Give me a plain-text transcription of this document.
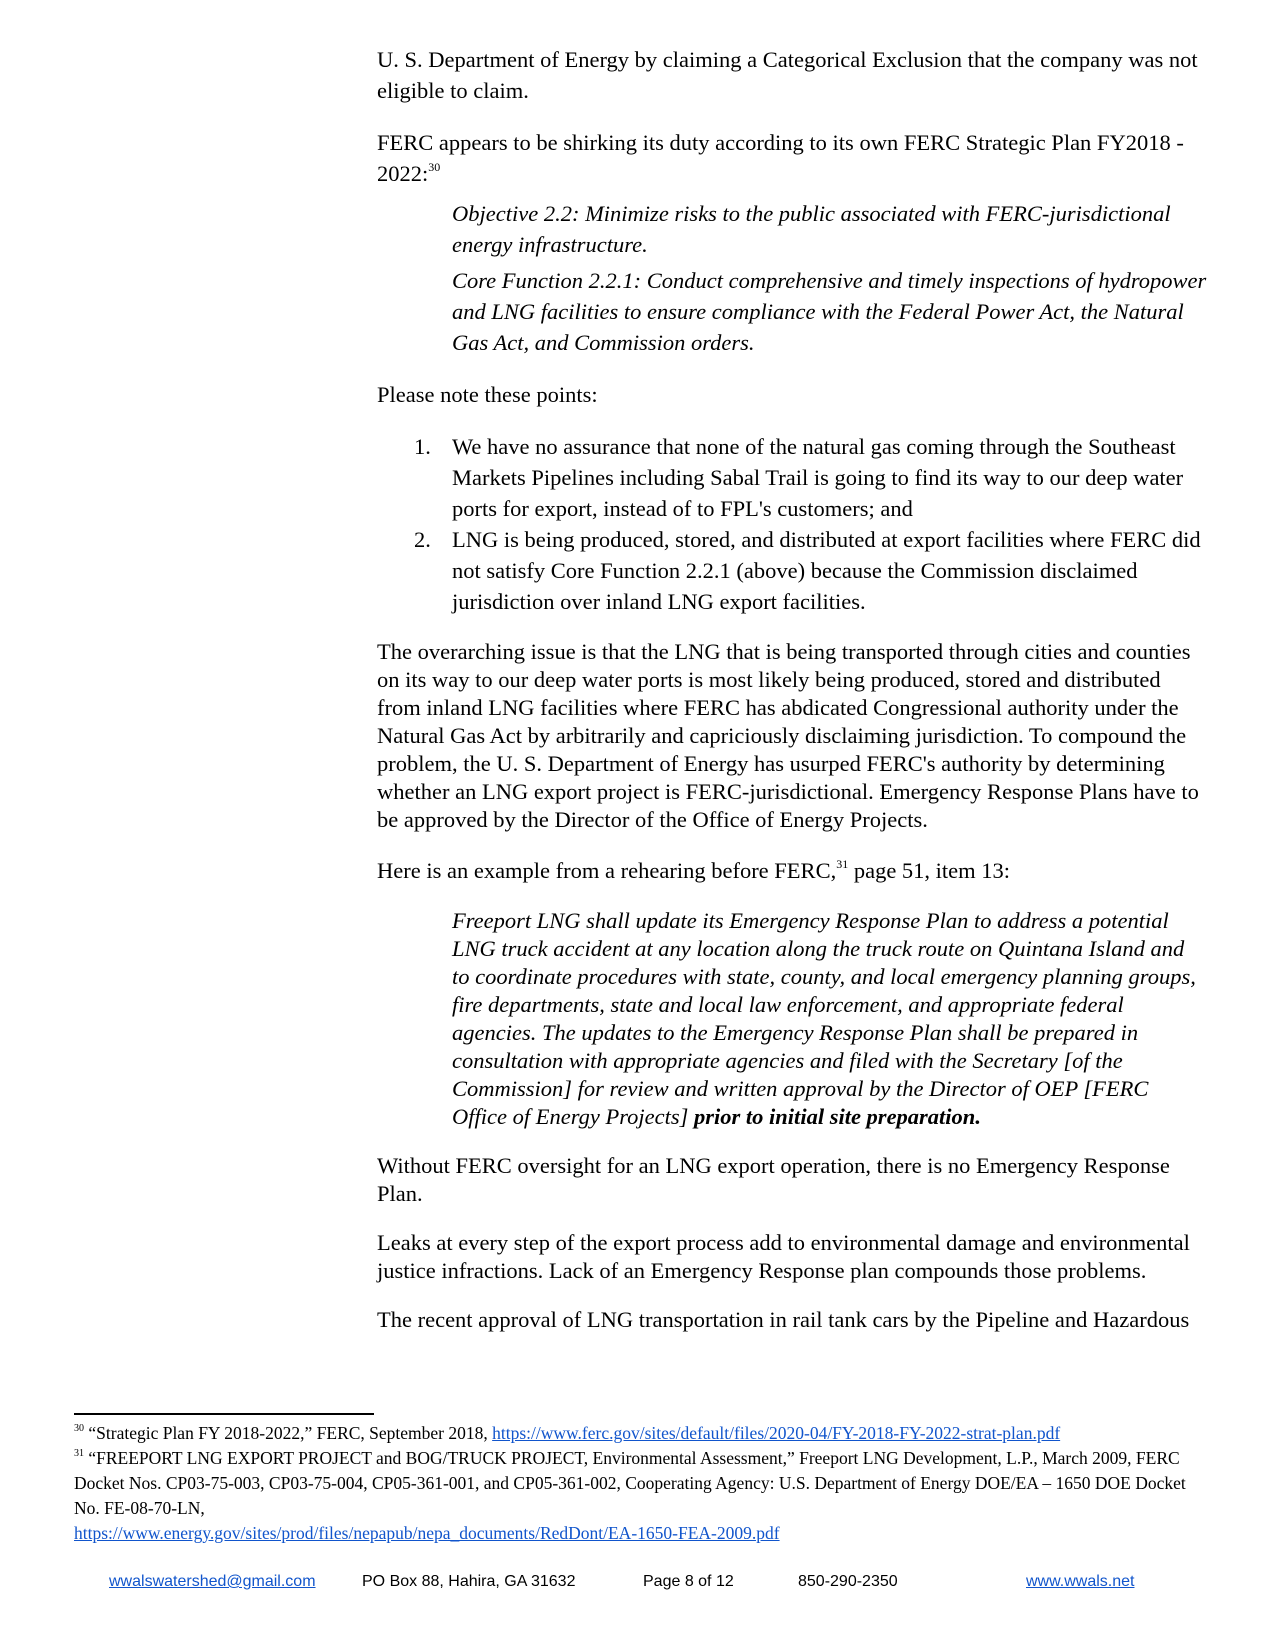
U. S. Department of Energy by claiming a Categorical Exclusion that the company was not eligible to claim.

FERC appears to be shirking its duty according to its own FERC Strategic Plan FY2018 - 2022:$^{30}$

Objective 2.2: Minimize risks to the public associated with FERC-jurisdictional energy infrastructure.

Core Function 2.2.1: Conduct comprehensive and timely inspections of hydropower and LNG facilities to ensure compliance with the Federal Power Act, the Natural Gas Act, and Commission orders.

Please note these points:

1. We have no assurance that none of the natural gas coming through the Southeast Markets Pipelines including Sabal Trail is going to find its way to our deep water ports for export, instead of to FPL's customers; and
2. LNG is being produced, stored, and distributed at export facilities where FERC did not satisfy Core Function 2.2.1 (above) because the Commission disclaimed jurisdiction over inland LNG export facilities.

The overarching issue is that the LNG that is being transported through cities and counties on its way to our deep water ports is most likely being produced, stored and distributed from inland LNG facilities where FERC has abdicated Congressional authority under the Natural Gas Act by arbitrarily and capriciously disclaiming jurisdiction. To compound the problem, the U. S. Department of Energy has usurped FERC's authority by determining whether an LNG export project is FERC-jurisdictional. Emergency Response Plans have to be approved by the Director of the Office of Energy Projects.

Here is an example from a rehearing before FERC,$^{31}$ page 51, item 13:

Freeport LNG shall update its Emergency Response Plan to address a potential LNG truck accident at any location along the truck route on Quintana Island and to coordinate procedures with state, county, and local emergency planning groups, fire departments, state and local law enforcement, and appropriate federal agencies. The updates to the Emergency Response Plan shall be prepared in consultation with appropriate agencies and filed with the Secretary [of the Commission] for review and written approval by the Director of OEP [FERC Office of Energy Projects] prior to initial site preparation.

Without FERC oversight for an LNG export operation, there is no Emergency Response Plan.

Leaks at every step of the export process add to environmental damage and environmental justice infractions. Lack of an Emergency Response plan compounds those problems.

The recent approval of LNG transportation in rail tank cars by the Pipeline and Hazardous

$^{30}$ “Strategic Plan FY 2018-2022,” FERC, September 2018, https://www.ferc.gov/sites/default/files/2020-04/FY-2018-FY-2022-strat-plan.pdf

$^{31}$ “FREEPORT LNG EXPORT PROJECT and BOG/TRUCK PROJECT, Environmental Assessment,” Freeport LNG Development, L.P., March 2009, FERC Docket Nos. CP03-75-003, CP03-75-004, CP05-361-001, and CP05-361-002, Cooperating Agency: U.S. Department of Energy DOE/EA – 1650 DOE Docket No. FE-08-70-LN,
https://www.energy.gov/sites/prod/files/nepapub/nepa_documents/RedDont/EA-1650-FEA-2009.pdf

wwalswatershed@gmail.com	PO Box 88, Hahira, GA 31632	Page 8 of 12	850-290-2350	www.wwals.net
